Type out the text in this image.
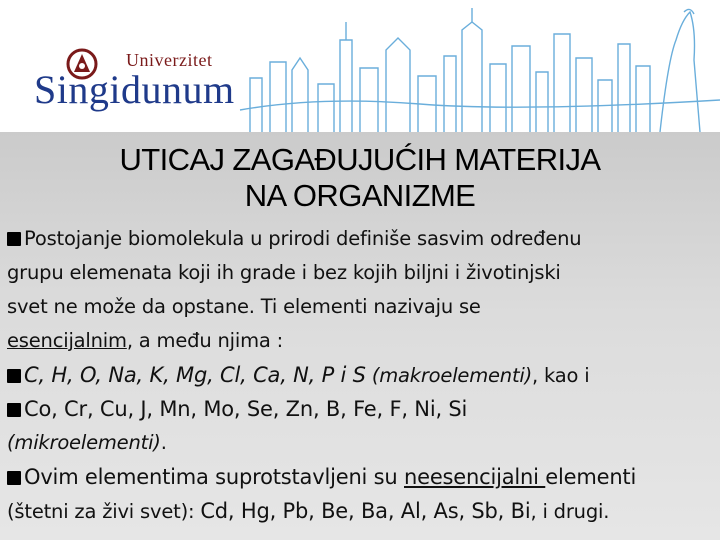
Univerzitet
Singidunum
UTICAJ ZAGAĐUJUĆIH MATERIJA
NA ORGANIZME
Postojanje biomolekula u prirodi definiše sasvim određenu
grupu elemenata koji ih grade i bez kojih biljni i životinjski
svet ne može da opstane. Ti elementi nazivaju se
esencijalnim, a među njima :
C, H, O, Na, K, Mg, Cl, Ca, N, P i S (makroelementi), kao i
Co, Cr, Cu, J, Mn, Mo, Se, Zn, B, Fe, F, Ni, Si
(mikroelementi).
Ovim elementima suprotstavljeni su neesencijalni elementi
(štetni za živi svet): Cd, Hg, Pb, Be, Ba, Al, As, Sb, Bi, i drugi.
